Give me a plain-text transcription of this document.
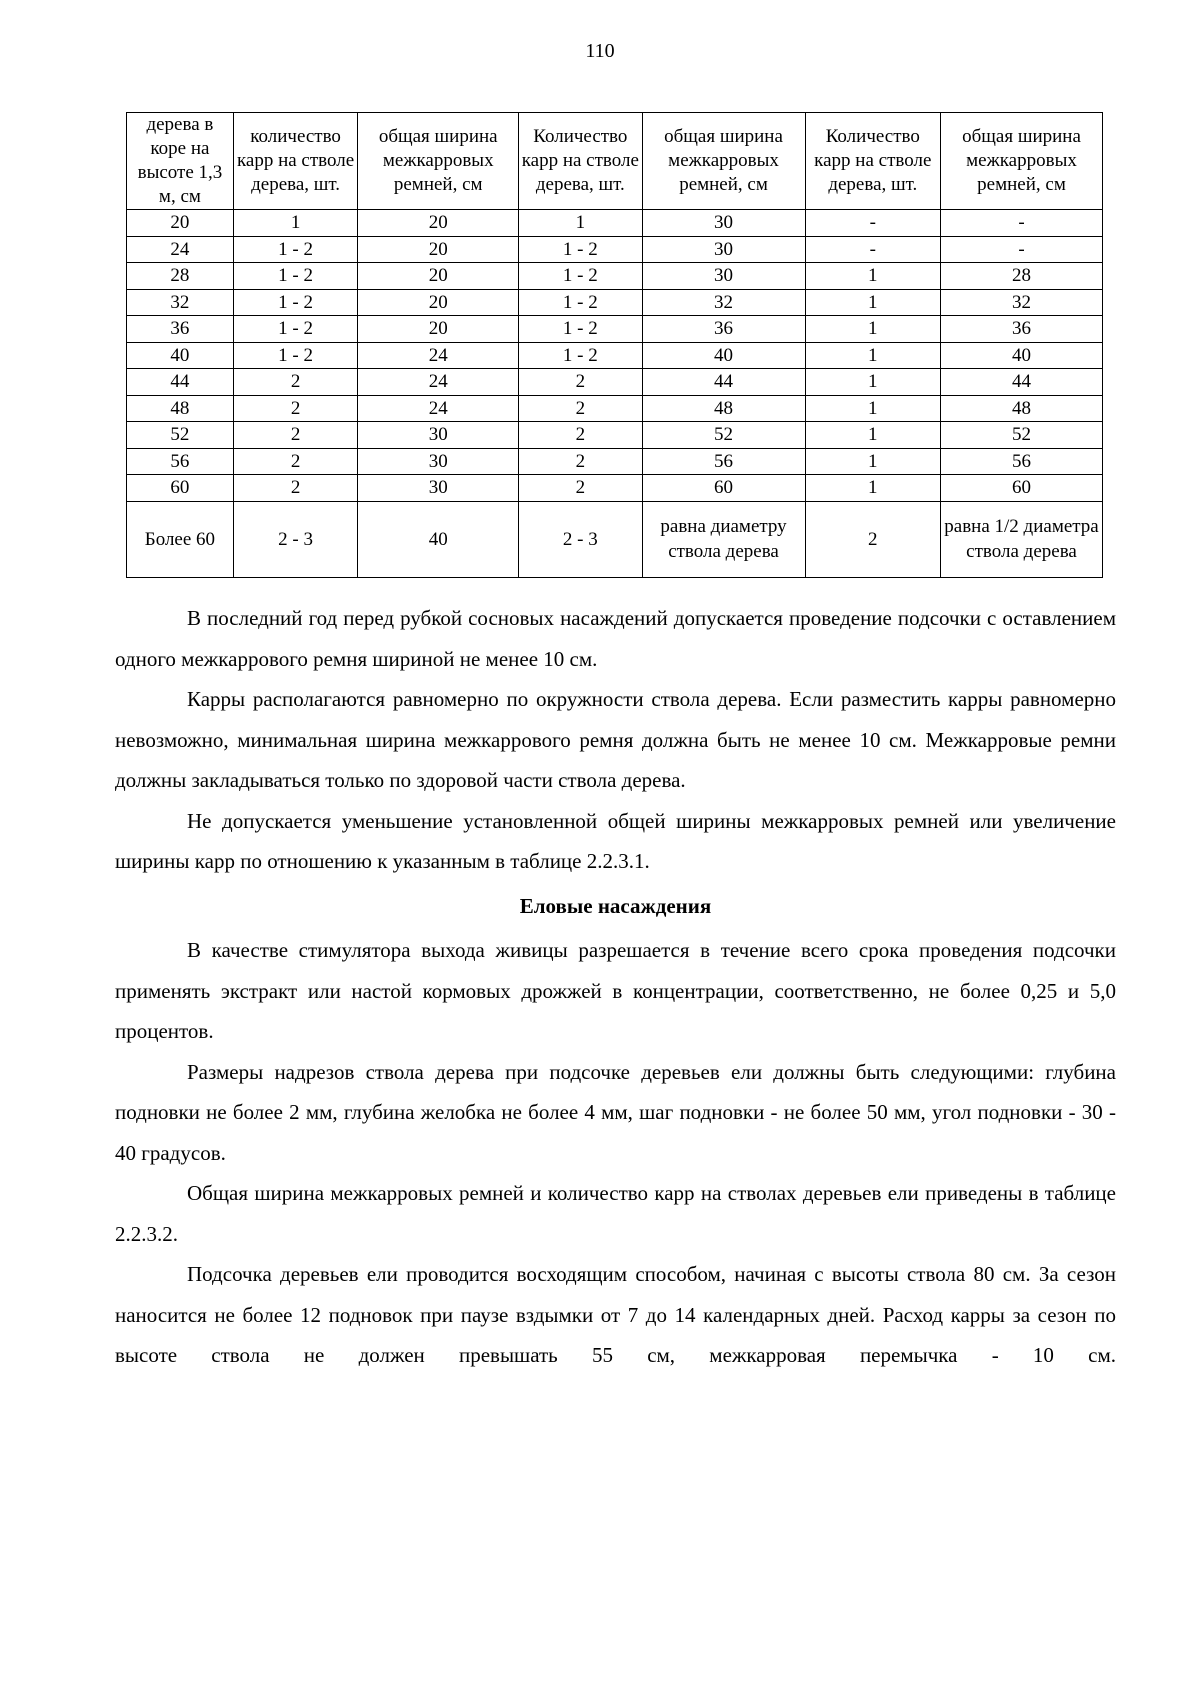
110
дерева в коре на высоте 1,3 м, см	количество карр на стволе дерева, шт.	общая ширина межкарровых ремней, см	Количество карр на стволе дерева, шт.	общая ширина межкарровых ремней, см	Количество карр на стволе дерева, шт.	общая ширина межкарровых ремней, см
20	1	20	1	30	-	-
24	1 - 2	20	1 - 2	30	-	-
28	1 - 2	20	1 - 2	30	1	28
32	1 - 2	20	1 - 2	32	1	32
36	1 - 2	20	1 - 2	36	1	36
40	1 - 2	24	1 - 2	40	1	40
44	2	24	2	44	1	44
48	2	24	2	48	1	48
52	2	30	2	52	1	52
56	2	30	2	56	1	56
60	2	30	2	60	1	60
Более 60	2 - 3	40	2 - 3	равна диаметру ствола дерева	2	равна 1/2 диаметра ствола дерева

В последний год перед рубкой сосновых насаждений допускается проведение подсочки с оставлением одного межкаррового ремня шириной не менее 10 см.

Карры располагаются равномерно по окружности ствола дерева. Если разместить карры равномерно невозможно, минимальная ширина межкаррового ремня должна быть не менее 10 см. Межкарровые ремни должны закладываться только по здоровой части ствола дерева.

Не допускается уменьшение установленной общей ширины межкарровых ремней или увеличение ширины карр по отношению к указанным в таблице 2.2.3.1.

Еловые насаждения

В качестве стимулятора выхода живицы разрешается в течение всего срока проведения подсочки применять экстракт или настой кормовых дрожжей в концентрации, соответственно, не более 0,25 и 5,0 процентов.

Размеры надрезов ствола дерева при подсочке деревьев ели должны быть следующими: глубина подновки не более 2 мм, глубина желобка не более 4 мм, шаг подновки - не более 50 мм, угол подновки - 30 - 40 градусов.

Общая ширина межкарровых ремней и количество карр на стволах деревьев ели приведены в таблице 2.2.3.2.

Подсочка деревьев ели проводится восходящим способом, начиная с высоты ствола 80 см. За сезон наносится не более 12 подновок при паузе вздымки от 7 до 14 календарных дней. Расход карры за сезон по высоте ствола не должен превышать 55 см, межкарровая перемычка - 10 см.
